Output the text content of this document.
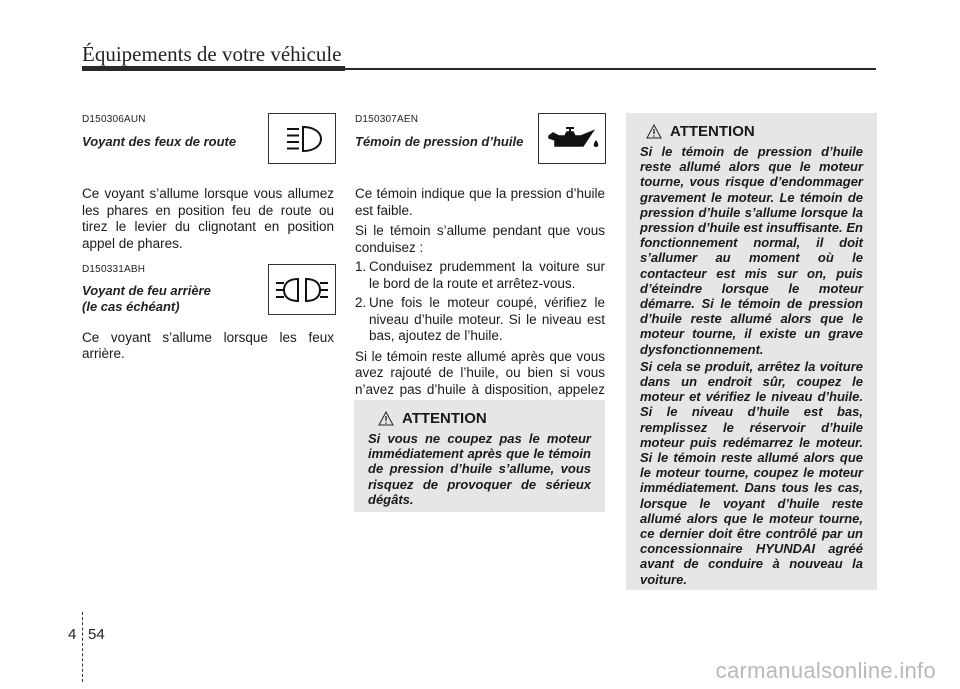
Équipements de votre véhicule
D150306AUN
Voyant des feux de route

Ce voyant s’allume lorsque vous allumez les phares en position feu de route ou tirez le levier du clignotant en position appel de phares.

D150331ABH
Voyant de feu arrière
(le cas échéant)

Ce voyant s’allume lorsque les feux arrière.

D150307AEN
Témoin de pression d’huile

Ce témoin indique que la pression d’huile est faible.

Si le témoin s’allume pendant que vous conduisez :

1. Conduisez prudemment la voiture sur le bord de la route et arrêtez-vous.
2. Une fois le moteur coupé, vérifiez le niveau d’huile moteur. Si le niveau est bas, ajoutez de l’huile.

Si le témoin reste allumé après que vous avez rajouté de l’huile, ou bien si vous n’avez pas d’huile à disposition, appelez

ATTENTION

Si vous ne coupez pas le moteur immédiatement après que le témoin de pression d’huile s’allume, vous risquez de provoquer de sérieux dégâts.

ATTENTION

Si le témoin de pression d’huile reste allumé alors que le moteur tourne, vous risque d’endommager gravement le moteur. Le témoin de pression d’huile s’allume lorsque la pression d’huile est insuffisante. En fonctionnement normal, il doit s’allumer au moment où le contacteur est mis sur on, puis d’éteindre lorsque le moteur démarre. Si le témoin de pression d’huile reste allumé alors que le moteur tourne, il existe un grave dysfonctionnement.

Si cela se produit, arrêtez la voiture dans un endroit sûr, coupez le moteur et vérifiez le niveau d’huile. Si le niveau d’huile est bas, remplissez le réservoir d’huile moteur puis redémarrez le moteur. Si le témoin reste allumé alors que le moteur tourne, coupez le moteur immédiatement. Dans tous les cas, lorsque le voyant d’huile reste allumé alors que le moteur tourne, ce dernier doit être contrôlé par un concessionnaire HYUNDAI agréé avant de conduire à nouveau la voiture.

4 54
carmanualsonline.info
